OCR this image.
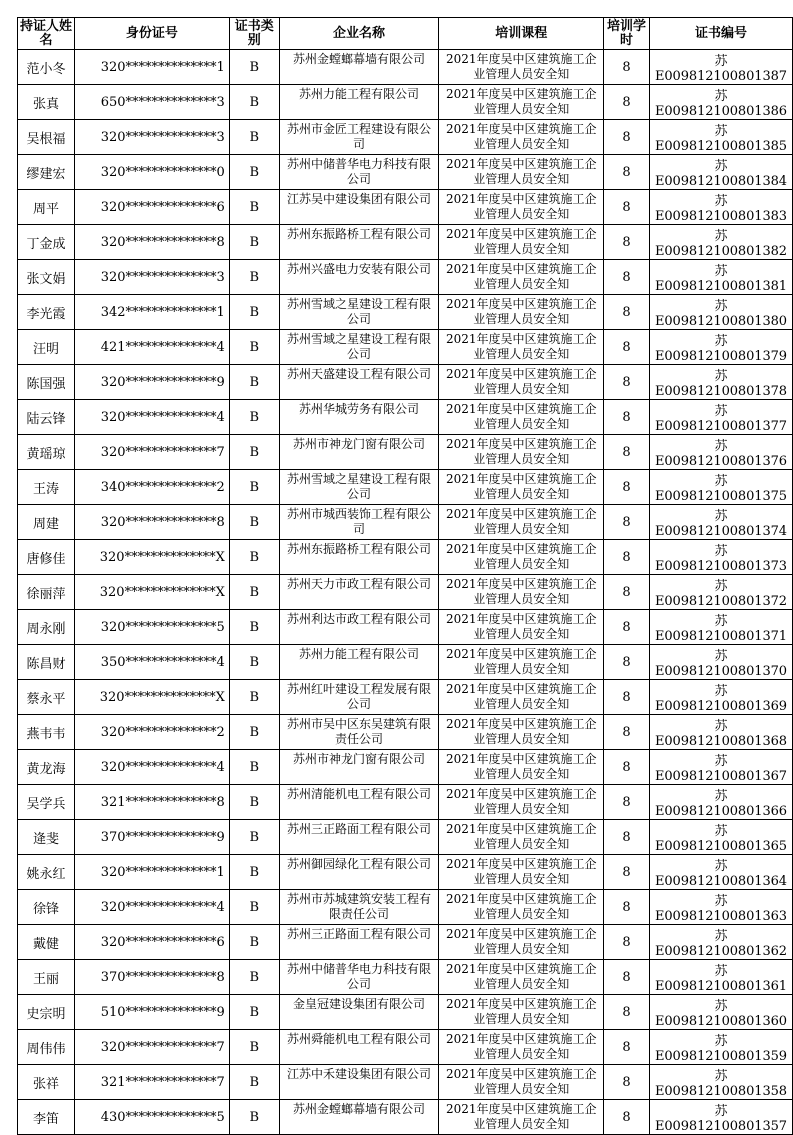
持证人姓名	身份证号	证书类别	企业名称	培训课程	培训学时	证书编号
范小冬	320**************1	B	苏州金螳螂幕墙有限公司	2021年度吴中区建筑施工企业管理人员安全知	8	苏E009812100801387
张真	650**************3	B	苏州力能工程有限公司	2021年度吴中区建筑施工企业管理人员安全知	8	苏E009812100801386
吴根福	320**************3	B	苏州市金匠工程建设有限公司	2021年度吴中区建筑施工企业管理人员安全知	8	苏E009812100801385
缪建宏	320**************0	B	苏州中储普华电力科技有限公司	2021年度吴中区建筑施工企业管理人员安全知	8	苏E009812100801384
周平	320**************6	B	江苏吴中建设集团有限公司	2021年度吴中区建筑施工企业管理人员安全知	8	苏E009812100801383
丁金成	320**************8	B	苏州东振路桥工程有限公司	2021年度吴中区建筑施工企业管理人员安全知	8	苏E009812100801382
张文娟	320**************3	B	苏州兴盛电力安装有限公司	2021年度吴中区建筑施工企业管理人员安全知	8	苏E009812100801381
李光霞	342**************1	B	苏州雪域之星建设工程有限公司	2021年度吴中区建筑施工企业管理人员安全知	8	苏E009812100801380
汪明	421**************4	B	苏州雪域之星建设工程有限公司	2021年度吴中区建筑施工企业管理人员安全知	8	苏E009812100801379
陈国强	320**************9	B	苏州天盛建设工程有限公司	2021年度吴中区建筑施工企业管理人员安全知	8	苏E009812100801378
陆云锋	320**************4	B	苏州华城劳务有限公司	2021年度吴中区建筑施工企业管理人员安全知	8	苏E009812100801377
黄瑶琼	320**************7	B	苏州市神龙门窗有限公司	2021年度吴中区建筑施工企业管理人员安全知	8	苏E009812100801376
王涛	340**************2	B	苏州雪域之星建设工程有限公司	2021年度吴中区建筑施工企业管理人员安全知	8	苏E009812100801375
周建	320**************8	B	苏州市城西装饰工程有限公司	2021年度吴中区建筑施工企业管理人员安全知	8	苏E009812100801374
唐修佳	320**************X	B	苏州东振路桥工程有限公司	2021年度吴中区建筑施工企业管理人员安全知	8	苏E009812100801373
徐丽萍	320**************X	B	苏州天力市政工程有限公司	2021年度吴中区建筑施工企业管理人员安全知	8	苏E009812100801372
周永刚	320**************5	B	苏州利达市政工程有限公司	2021年度吴中区建筑施工企业管理人员安全知	8	苏E009812100801371
陈昌财	350**************4	B	苏州力能工程有限公司	2021年度吴中区建筑施工企业管理人员安全知	8	苏E009812100801370
蔡永平	320**************X	B	苏州红叶建设工程发展有限公司	2021年度吴中区建筑施工企业管理人员安全知	8	苏E009812100801369
燕韦韦	320**************2	B	苏州市吴中区东吴建筑有限责任公司	2021年度吴中区建筑施工企业管理人员安全知	8	苏E009812100801368
黄龙海	320**************4	B	苏州市神龙门窗有限公司	2021年度吴中区建筑施工企业管理人员安全知	8	苏E009812100801367
吴学兵	321**************8	B	苏州清能机电工程有限公司	2021年度吴中区建筑施工企业管理人员安全知	8	苏E009812100801366
逄斐	370**************9	B	苏州三正路面工程有限公司	2021年度吴中区建筑施工企业管理人员安全知	8	苏E009812100801365
姚永红	320**************1	B	苏州御园绿化工程有限公司	2021年度吴中区建筑施工企业管理人员安全知	8	苏E009812100801364
徐锋	320**************4	B	苏州市苏城建筑安装工程有限责任公司	2021年度吴中区建筑施工企业管理人员安全知	8	苏E009812100801363
戴健	320**************6	B	苏州三正路面工程有限公司	2021年度吴中区建筑施工企业管理人员安全知	8	苏E009812100801362
王丽	370**************8	B	苏州中储普华电力科技有限公司	2021年度吴中区建筑施工企业管理人员安全知	8	苏E009812100801361
史宗明	510**************9	B	金皇冠建设集团有限公司	2021年度吴中区建筑施工企业管理人员安全知	8	苏E009812100801360
周伟伟	320**************7	B	苏州舜能机电工程有限公司	2021年度吴中区建筑施工企业管理人员安全知	8	苏E009812100801359
张祥	321**************7	B	江苏中禾建设集团有限公司	2021年度吴中区建筑施工企业管理人员安全知	8	苏E009812100801358
李笛	430**************5	B	苏州金螳螂幕墙有限公司	2021年度吴中区建筑施工企业管理人员安全知	8	苏E009812100801357
